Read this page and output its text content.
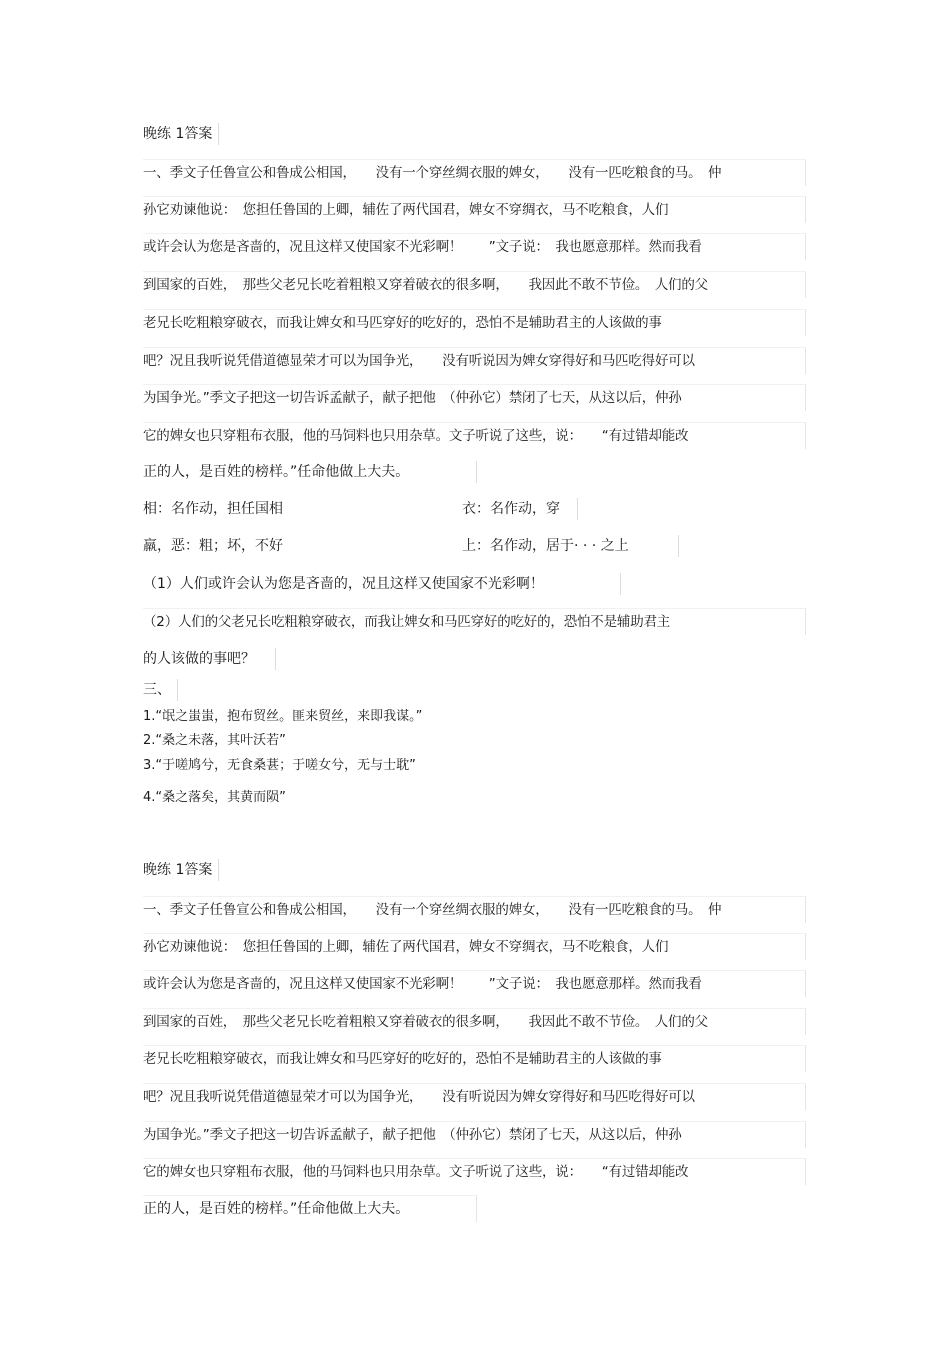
晚练 1答案
一、季文子任鲁宣公和鲁成公相国，　　没有一个穿丝绸衣服的婢女，　　没有一匹吃粮食的马。　仲
孙它劝谏他说：　您担任鲁国的上卿，辅佐了两代国君，婢女不穿绸衣，马不吃粮食，人们
或许会认为您是吝啬的，况且这样又使国家不光彩啊！　　”文子说：　我也愿意那样。然而我看
到国家的百姓，　那些父老兄长吃着粗粮又穿着破衣的很多啊，　　我因此不敢不节俭。　人们的父
老兄长吃粗粮穿破衣，而我让婢女和马匹穿好的吃好的，恐怕不是辅助君主的人该做的事
吧？况且我听说凭借道德显荣才可以为国争光，　　没有听说因为婢女穿得好和马匹吃得好可以
为国争光。”季文子把这一切告诉孟献子，献子把他　（仲孙它）禁闭了七天，从这以后，仲孙
它的婢女也只穿粗布衣服，他的马饲料也只用杂草。文子听说了这些，说：　　“有过错却能改
正的人，是百姓的榜样。”任命他做上大夫。
相：名作动，担任国相	衣：名作动，穿
羸，恶：粗；坏，不好	上：名作动，居于· · · 之上
（1）人们或许会认为您是吝啬的，况且这样又使国家不光彩啊！
（2）人们的父老兄长吃粗粮穿破衣，而我让婢女和马匹穿好的吃好的，恐怕不是辅助君主
的人该做的事吧？
三、
1.“氓之蚩蚩，抱布贸丝。匪来贸丝，来即我谋。”
2.“桑之未落，其叶沃若”
3.“于嗟鸠兮，无食桑葚；于嗟女兮，无与士耽”
4.“桑之落矣，其黄而陨”
晚练 1答案
一、季文子任鲁宣公和鲁成公相国，　　没有一个穿丝绸衣服的婢女，　　没有一匹吃粮食的马。　仲
孙它劝谏他说：　您担任鲁国的上卿，辅佐了两代国君，婢女不穿绸衣，马不吃粮食，人们
或许会认为您是吝啬的，况且这样又使国家不光彩啊！　　”文子说：　我也愿意那样。然而我看
到国家的百姓，　那些父老兄长吃着粗粮又穿着破衣的很多啊，　　我因此不敢不节俭。　人们的父
老兄长吃粗粮穿破衣，而我让婢女和马匹穿好的吃好的，恐怕不是辅助君主的人该做的事
吧？况且我听说凭借道德显荣才可以为国争光，　　没有听说因为婢女穿得好和马匹吃得好可以
为国争光。”季文子把这一切告诉孟献子，献子把他　（仲孙它）禁闭了七天，从这以后，仲孙
它的婢女也只穿粗布衣服，他的马饲料也只用杂草。文子听说了这些，说：　　“有过错却能改
正的人，是百姓的榜样。”任命他做上大夫。
